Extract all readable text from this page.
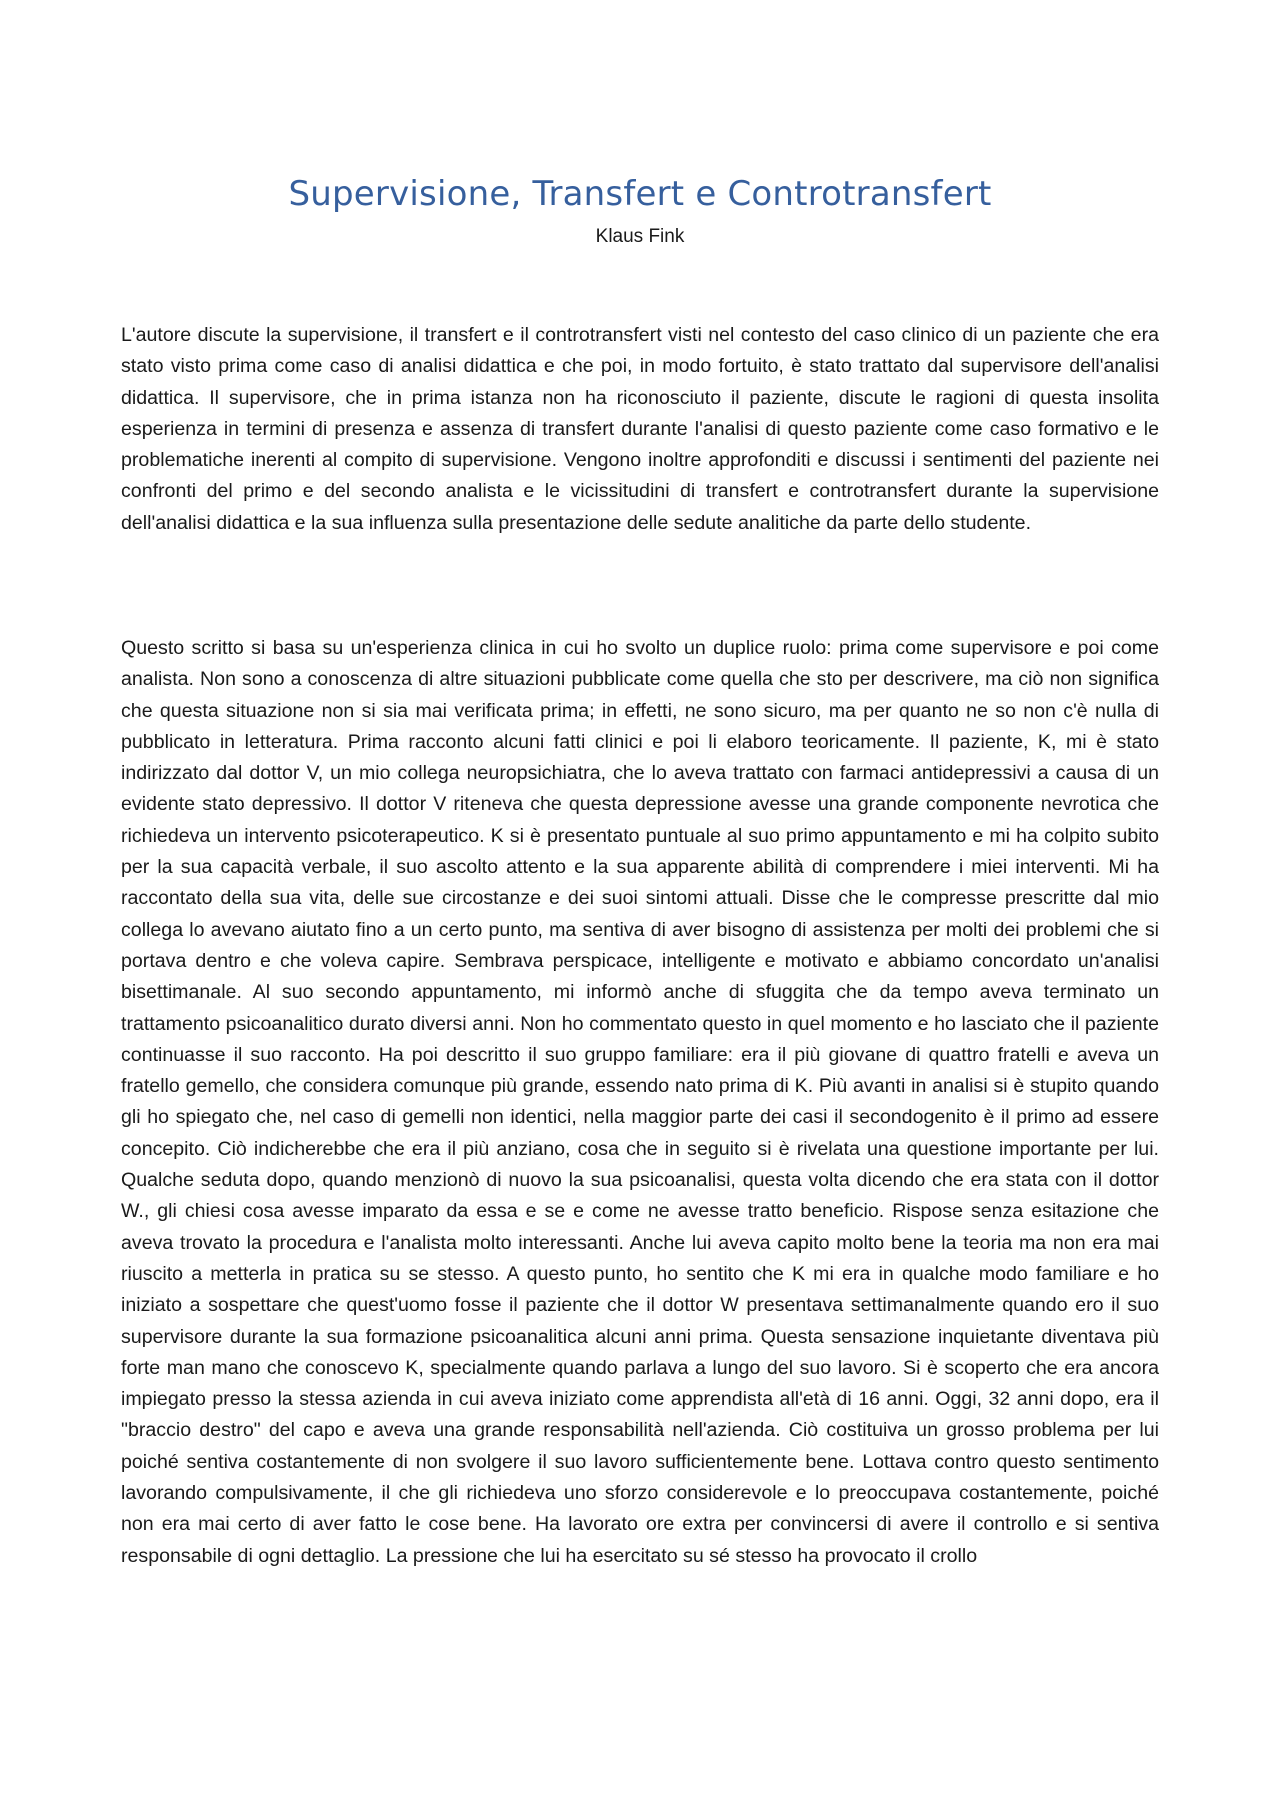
Supervisione, Transfert e Controtransfert
Klaus Fink

L'autore discute la supervisione, il transfert e il controtransfert visti nel contesto del caso clinico di un paziente che era stato visto prima come caso di analisi didattica e che poi, in modo fortuito, è stato trattato dal supervisore dell'analisi didattica. Il supervisore, che in prima istanza non ha riconosciuto il paziente, discute le ragioni di questa insolita esperienza in termini di presenza e assenza di transfert durante l'analisi di questo paziente come caso formativo e le problematiche inerenti al compito di supervisione. Vengono inoltre approfonditi e discussi i sentimenti del paziente nei confronti del primo e del secondo analista e le vicissitudini di transfert e controtransfert durante la supervisione dell'analisi didattica e la sua influenza sulla presentazione delle sedute analitiche da parte dello studente.

Questo scritto si basa su un'esperienza clinica in cui ho svolto un duplice ruolo: prima come supervisore e poi come analista. Non sono a conoscenza di altre situazioni pubblicate come quella che sto per descrivere, ma ciò non significa che questa situazione non si sia mai verificata prima; in effetti, ne sono sicuro, ma per quanto ne so non c'è nulla di pubblicato in letteratura. Prima racconto alcuni fatti clinici e poi li elaboro teoricamente. Il paziente, K, mi è stato indirizzato dal dottor V, un mio collega neuropsichiatra, che lo aveva trattato con farmaci antidepressivi a causa di un evidente stato depressivo. Il dottor V riteneva che questa depressione avesse una grande componente nevrotica che richiedeva un intervento psicoterapeutico. K si è presentato puntuale al suo primo appuntamento e mi ha colpito subito per la sua capacità verbale, il suo ascolto attento e la sua apparente abilità di comprendere i miei interventi. Mi ha raccontato della sua vita, delle sue circostanze e dei suoi sintomi attuali. Disse che le compresse prescritte dal mio collega lo avevano aiutato fino a un certo punto, ma sentiva di aver bisogno di assistenza per molti dei problemi che si portava dentro e che voleva capire. Sembrava perspicace, intelligente e motivato e abbiamo concordato un'analisi bisettimanale. Al suo secondo appuntamento, mi informò anche di sfuggita che da tempo aveva terminato un trattamento psicoanalitico durato diversi anni. Non ho commentato questo in quel momento e ho lasciato che il paziente continuasse il suo racconto. Ha poi descritto il suo gruppo familiare: era il più giovane di quattro fratelli e aveva un fratello gemello, che considera comunque più grande, essendo nato prima di K. Più avanti in analisi si è stupito quando gli ho spiegato che, nel caso di gemelli non identici, nella maggior parte dei casi il secondogenito è il primo ad essere concepito. Ciò indicherebbe che era il più anziano, cosa che in seguito si è rivelata una questione importante per lui. Qualche seduta dopo, quando menzionò di nuovo la sua psicoanalisi, questa volta dicendo che era stata con il dottor W., gli chiesi cosa avesse imparato da essa e se e come ne avesse tratto beneficio. Rispose senza esitazione che aveva trovato la procedura e l'analista molto interessanti. Anche lui aveva capito molto bene la teoria ma non era mai riuscito a metterla in pratica su se stesso. A questo punto, ho sentito che K mi era in qualche modo familiare e ho iniziato a sospettare che quest'uomo fosse il paziente che il dottor W presentava settimanalmente quando ero il suo supervisore durante la sua formazione psicoanalitica alcuni anni prima. Questa sensazione inquietante diventava più forte man mano che conoscevo K, specialmente quando parlava a lungo del suo lavoro. Si è scoperto che era ancora impiegato presso la stessa azienda in cui aveva iniziato come apprendista all'età di 16 anni. Oggi, 32 anni dopo, era il "braccio destro" del capo e aveva una grande responsabilità nell'azienda. Ciò costituiva un grosso problema per lui poiché sentiva costantemente di non svolgere il suo lavoro sufficientemente bene. Lottava contro questo sentimento lavorando compulsivamente, il che gli richiedeva uno sforzo considerevole e lo preoccupava costantemente, poiché non era mai certo di aver fatto le cose bene. Ha lavorato ore extra per convincersi di avere il controllo e si sentiva responsabile di ogni dettaglio. La pressione che lui ha esercitato su sé stesso ha provocato il crollo
